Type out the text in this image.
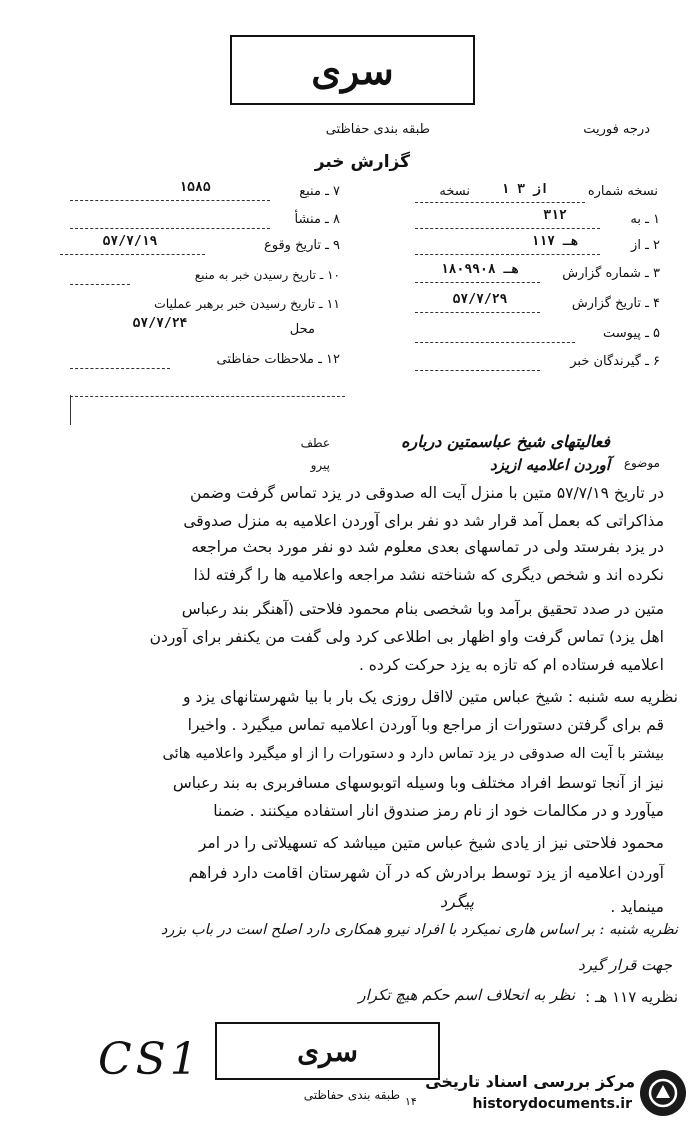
سری
طبقه بندی حفاظتی	درجه فوریت
گزارش خبر
نسخه شماره
۱ از ۳
نسخه
۱ ـ به
۳۱۲
۲ ـ از
۱۱۷ هـ
۳ ـ شماره گزارش
۱۸۰۹۹۰۸ هـ
۴ ـ تاریخ گزارش
۵۷/۷/۲۹
۵ ـ پیوست
۶ ـ گیرندگان خبر
۷ ـ منبع
۱۵۸۵
۸ ـ منشأ
۹ ـ تاریخ وقوع
۵۷/۷/۱۹
۱۰ ـ تاریخ رسیدن خبر به منبع
۱۱ ـ تاریخ رسیدن خبر برهبر عملیات
محل
۵۷/۷/۲۴
۱۲ ـ ملاحظات حفاظتی
موضوع
فعالیتهای شیخ عباسمتین درباره
آوردن اعلامیه ازیزد
عطف
پیرو
در تاریخ ۵۷/۷/۱۹ متین با منزل آیت اله صدوقی در یزد تماس گرفت وضمن
مذاکراتی که بعمل آمد قرار شد دو نفر برای آوردن اعلامیه به منزل صدوقی
در یزد بفرستد ولی در تماسهای بعدی معلوم شد دو نفر مورد بحث مراجعه
نکرده اند و شخص دیگری که شناخته نشد مراجعه واعلامیه ها را گرفته لذا
متین در صدد تحقیق برآمد وبا شخصی بنام محمود فلاحتی (آهنگر بند رعباس
اهل یزد) تماس گرفت واو اظهار بی اطلاعی کرد ولی گفت من یکنفر برای آوردن
اعلامیه فرستاده ام که تازه به یزد حرکت کرده .
نظریه سه شنبه : شیخ عباس متین لااقل روزی یک بار با بیا شهرستانهای یزد و
قم برای گرفتن دستورات از مراجع وبا آوردن اعلامیه تماس میگیرد . واخیرا
بیشتر با آیت اله صدوقی در یزد تماس دارد و دستورات را از او میگیرد واعلامیه هائی
نیز از آنجا توسط افراد مختلف وبا وسیله اتوبوسهای مسافربری به بند رعباس
میآورد و در مکالمات خود از نام رمز صندوق انار استفاده میکنند . ضمنا
محمود فلاحتی نیز از یادی شیخ عباس متین میباشد که تسهیلاتی را در امر
آوردن اعلامیه از یزد توسط برادرش که در آن شهرستان اقامت دارد فراهم
مینماید .
پیگرد
نظریه شنبه : بر اساس هاری نمیکرد با افراد نیرو همکاری دارد اصلح است در باب بزرد
جهت قرار گیرد
نظریه ۱۱۷ هـ :
نظر به انحلاف اسم حکم هیچ تکرار
CS1	سری
طبقه بندی حفاظتی
مرکز بررسی اسناد تاریخی
historydocuments.ir
۱۴
